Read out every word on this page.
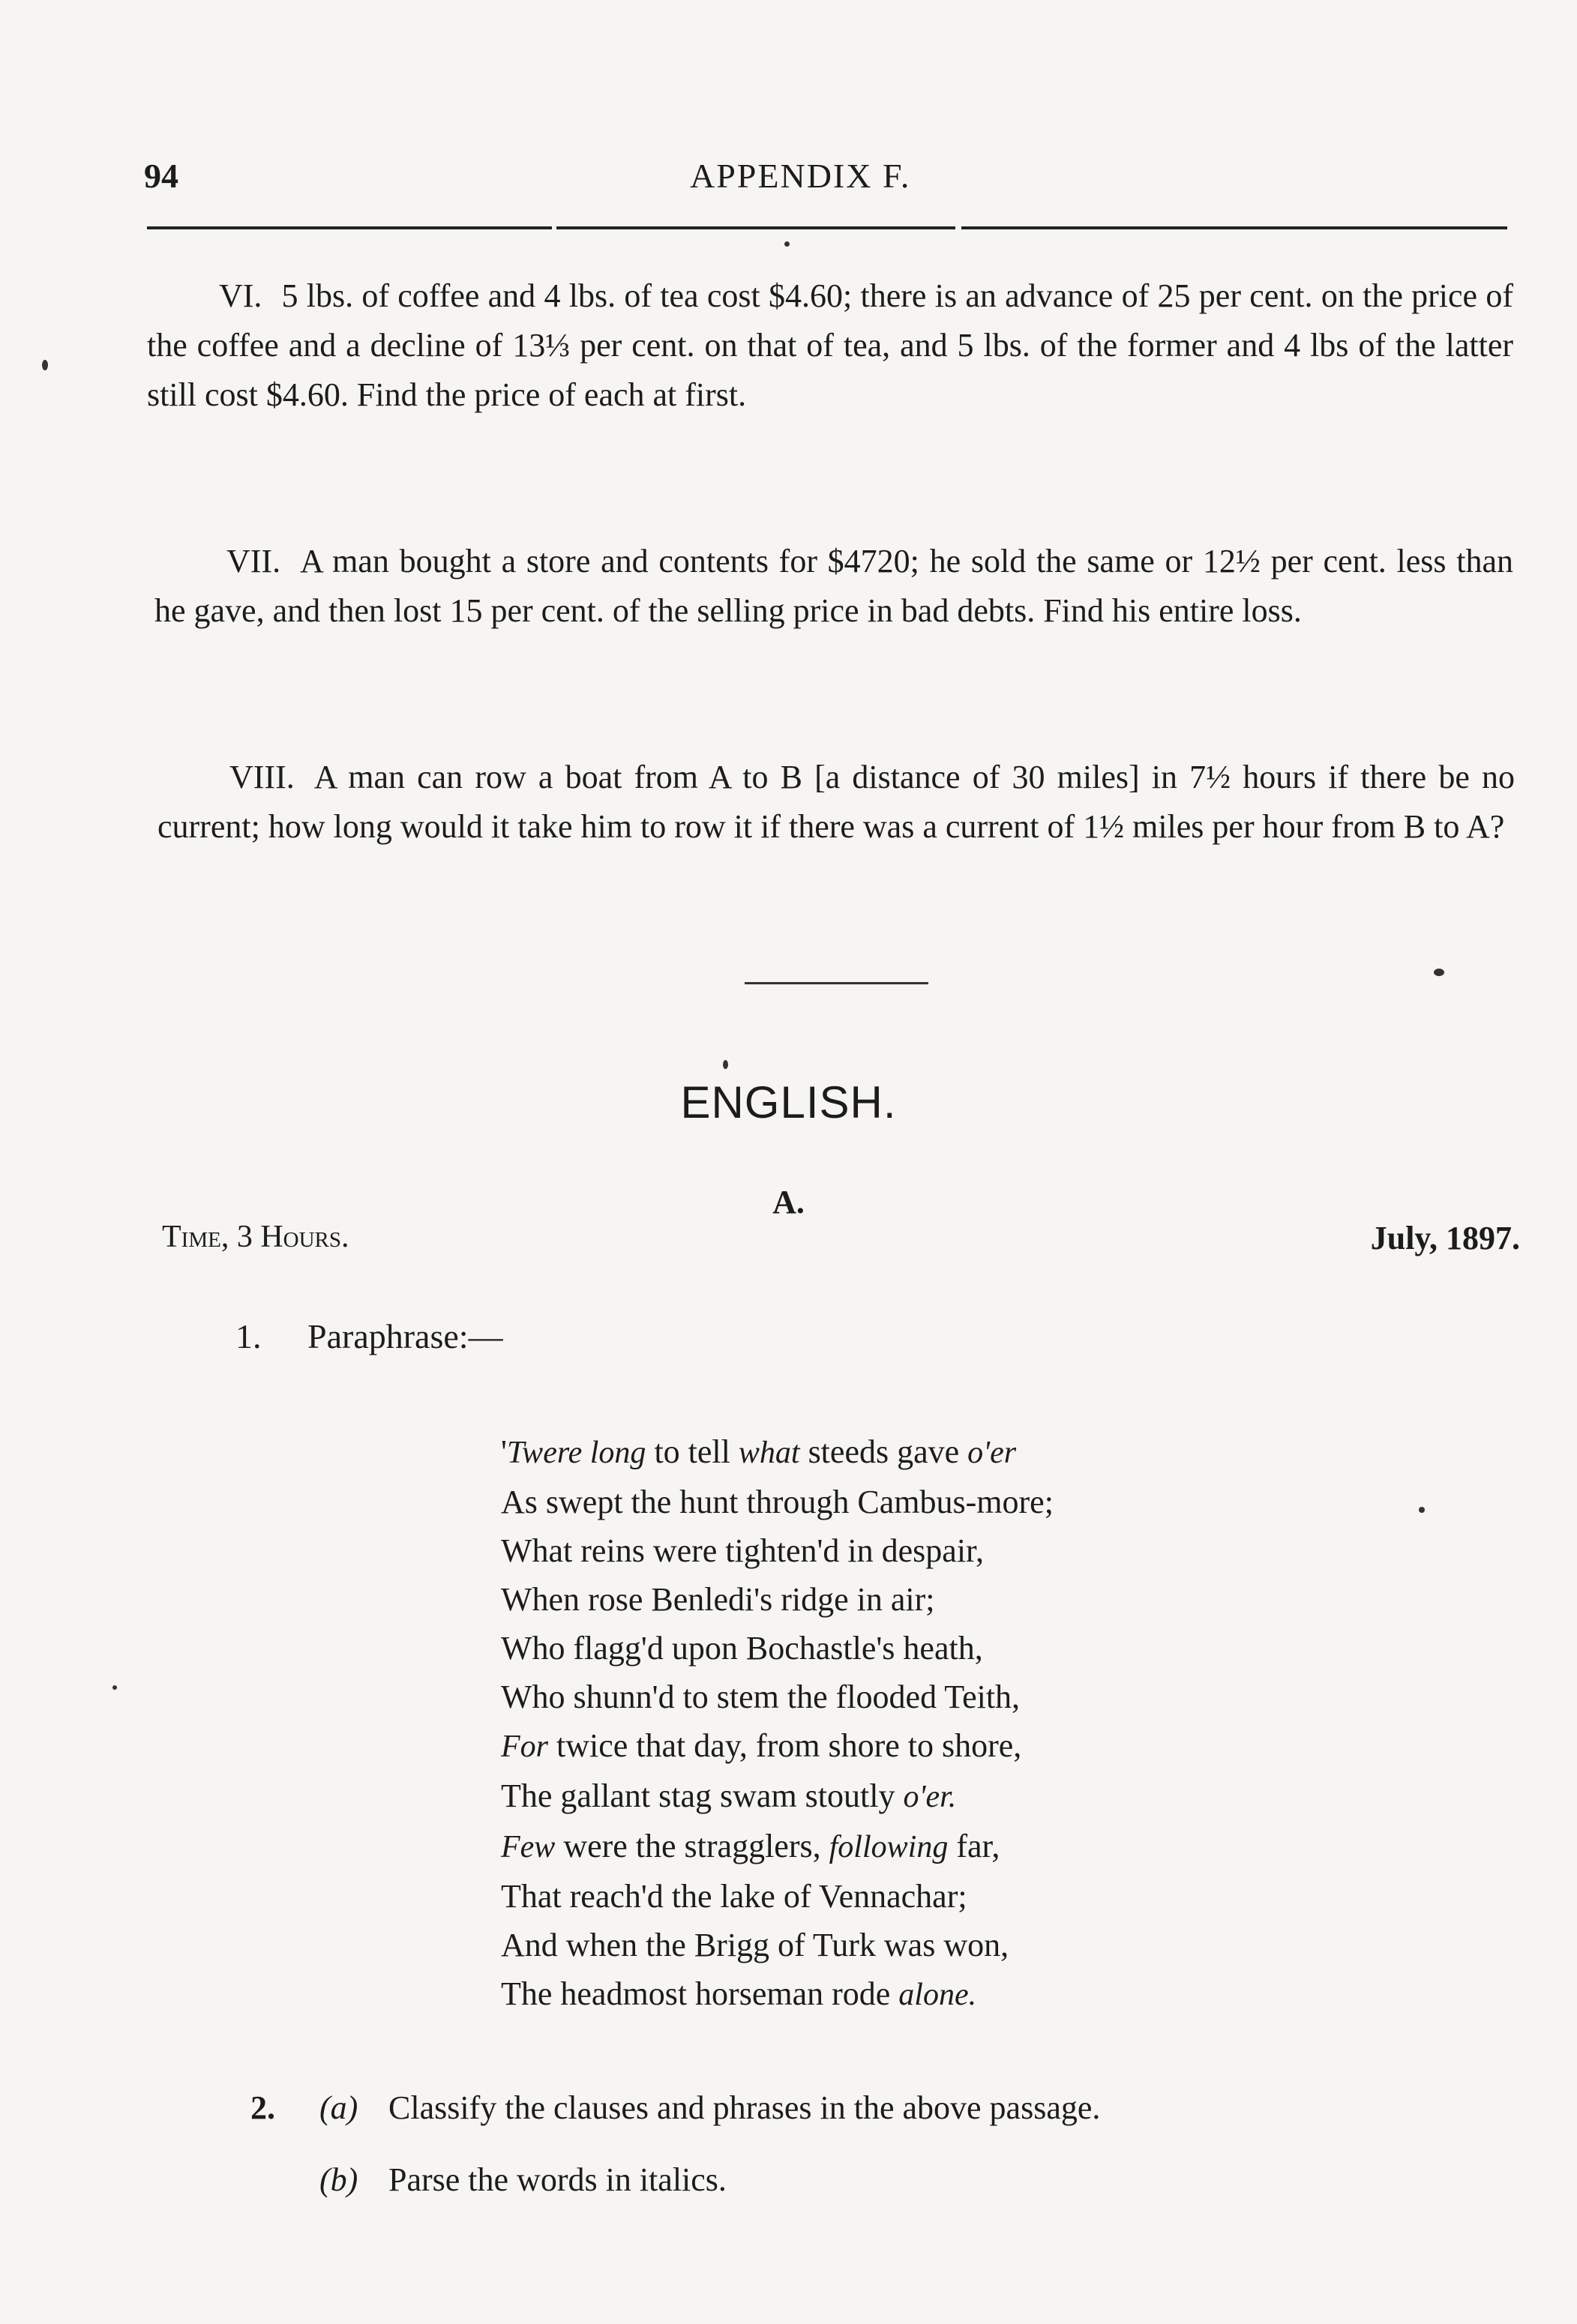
94	APPENDIX F.
VI. 5 lbs. of coffee and 4 lbs. of tea cost $4.60; there is an advance of 25 per cent. on the price of the coffee and a decline of 13⅓ per cent. on that of tea, and 5 lbs. of the former and 4 lbs of the latter still cost $4.60. Find the price of each at first.
VII. A man bought a store and contents for $4720; he sold the same or 12½ per cent. less than he gave, and then lost 15 per cent. of the selling price in bad debts. Find his entire loss.
VIII. A man can row a boat from A to B [a distance of 30 miles] in 7½ hours if there be no current; how long would it take him to row it if there was a current of 1½ miles per hour from B to A?
ENGLISH.
A.
Time, 3 Hours.	July, 1897.
1. Paraphrase:—
'Twere long to tell what steeds gave o'er
As swept the hunt through Cambus-more;
What reins were tighten'd in despair,
When rose Benledi's ridge in air;
Who flagg'd upon Bochastle's heath,
Who shunn'd to stem the flooded Teith,
For twice that day, from shore to shore,
The gallant stag swam stoutly o'er.
Few were the stragglers, following far,
That reach'd the lake of Vennachar;
And when the Brigg of Turk was won,
The headmost horseman rode alone.
2. (a) Classify the clauses and phrases in the above passage.
(b) Parse the words in italics.
